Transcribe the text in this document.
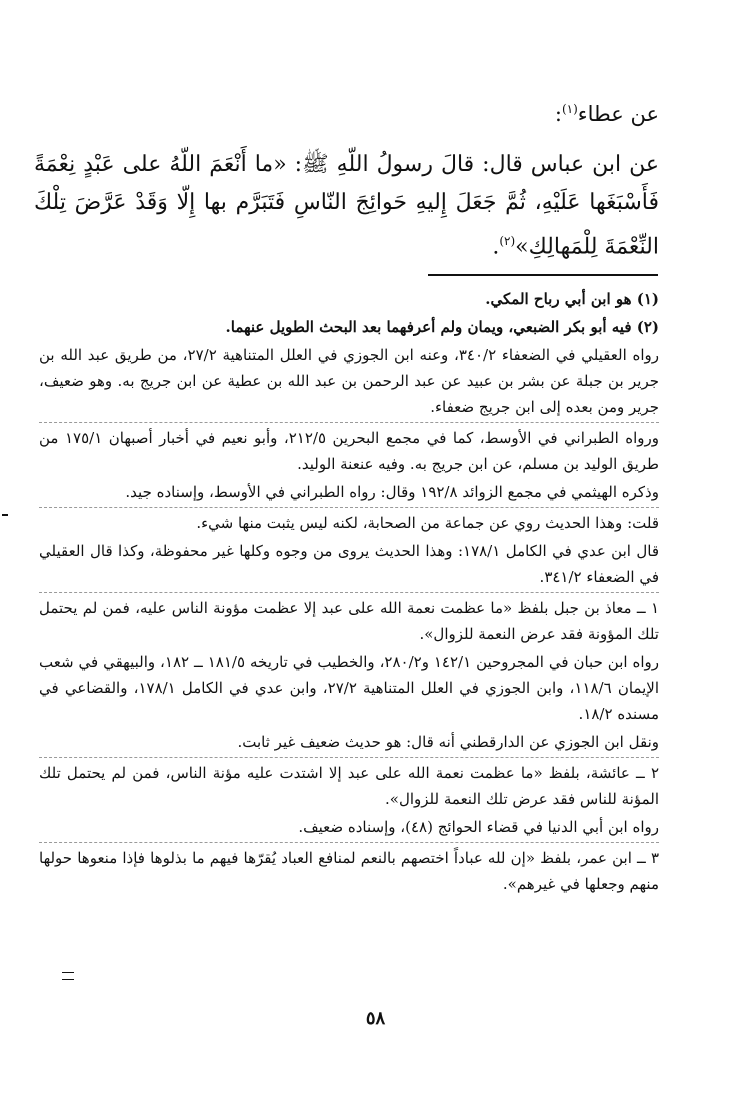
عن عطاء$^{(١)}$:
عن ابن عباس قال: قالَ رسولُ اللّهِ ﷺ: «ما أَنْعَمَ اللّهُ على عَبْدٍ نِعْمَةً فَأَسْبَغَها عَلَيْهِ، ثُمَّ جَعَلَ إِليهِ حَوائِجَ النّاسِ فَتَبَرَّم بها إِلّا وَقَدْ عَرَّضَ تِلْكَ النِّعْمَةَ لِلْمَهالِكِ»$^{(٢)}$.
(١) هو ابن أبي رباح المكي.
(٢) فيه أبو بكر الضبعي، ويمان ولم أعرفهما بعد البحث الطويل عنهما.
رواه العقيلي في الضعفاء ٣٤٠/٢، وعنه ابن الجوزي في العلل المتناهية ٢٧/٢، من طريق عبد الله بن جرير بن جبلة عن بشر بن عبيد عن عبد الرحمن بن عبد الله بن عطية عن ابن جريج به. وهو ضعيف، جرير ومن بعده إلى ابن جريج ضعفاء.
ورواه الطبراني في الأوسط، كما في مجمع البحرين ٢١٢/٥، وأبو نعيم في أخبار أصبهان ١٧٥/١ من طريق الوليد بن مسلم، عن ابن جريج به. وفيه عنعنة الوليد.
وذكره الهيثمي في مجمع الزوائد ١٩٢/٨ وقال: رواه الطبراني في الأوسط، وإسناده جيد.
قلت: وهذا الحديث روي عن جماعة من الصحابة، لكنه ليس يثبت منها شيء.
قال ابن عدي في الكامل ١٧٨/١: وهذا الحديث يروى من وجوه وكلها غير محفوظة، وكذا قال العقيلي في الضعفاء ٣٤١/٢.
١ ــ معاذ بن جبل بلفظ «ما عظمت نعمة الله على عبد إلا عظمت مؤونة الناس عليه، فمن لم يحتمل تلك المؤونة فقد عرض النعمة للزوال».
رواه ابن حبان في المجروحين ١٤٢/١ و٢٨٠/٢، والخطيب في تاريخه ١٨١/٥ ــ ١٨٢، والبيهقي في شعب الإيمان ١١٨/٦، وابن الجوزي في العلل المتناهية ٢٧/٢، وابن عدي في الكامل ١٧٨/١، والقضاعي في مسنده ١٨/٢.
ونقل ابن الجوزي عن الدارقطني أنه قال: هو حديث ضعيف غير ثابت.
٢ ــ عائشة، بلفظ «ما عظمت نعمة الله على عبد إلا اشتدت عليه مؤنة الناس، فمن لم يحتمل تلك المؤنة للناس فقد عرض تلك النعمة للزوال».
رواه ابن أبي الدنيا في قضاء الحوائج (٤٨)، وإسناده ضعيف.
٣ ــ ابن عمر، بلفظ «إن لله عباداً اختصهم بالنعم لمنافع العباد يُقرّها فيهم ما بذلوها فإذا منعوها حولها منهم وجعلها في غيرهم».
٥٨
